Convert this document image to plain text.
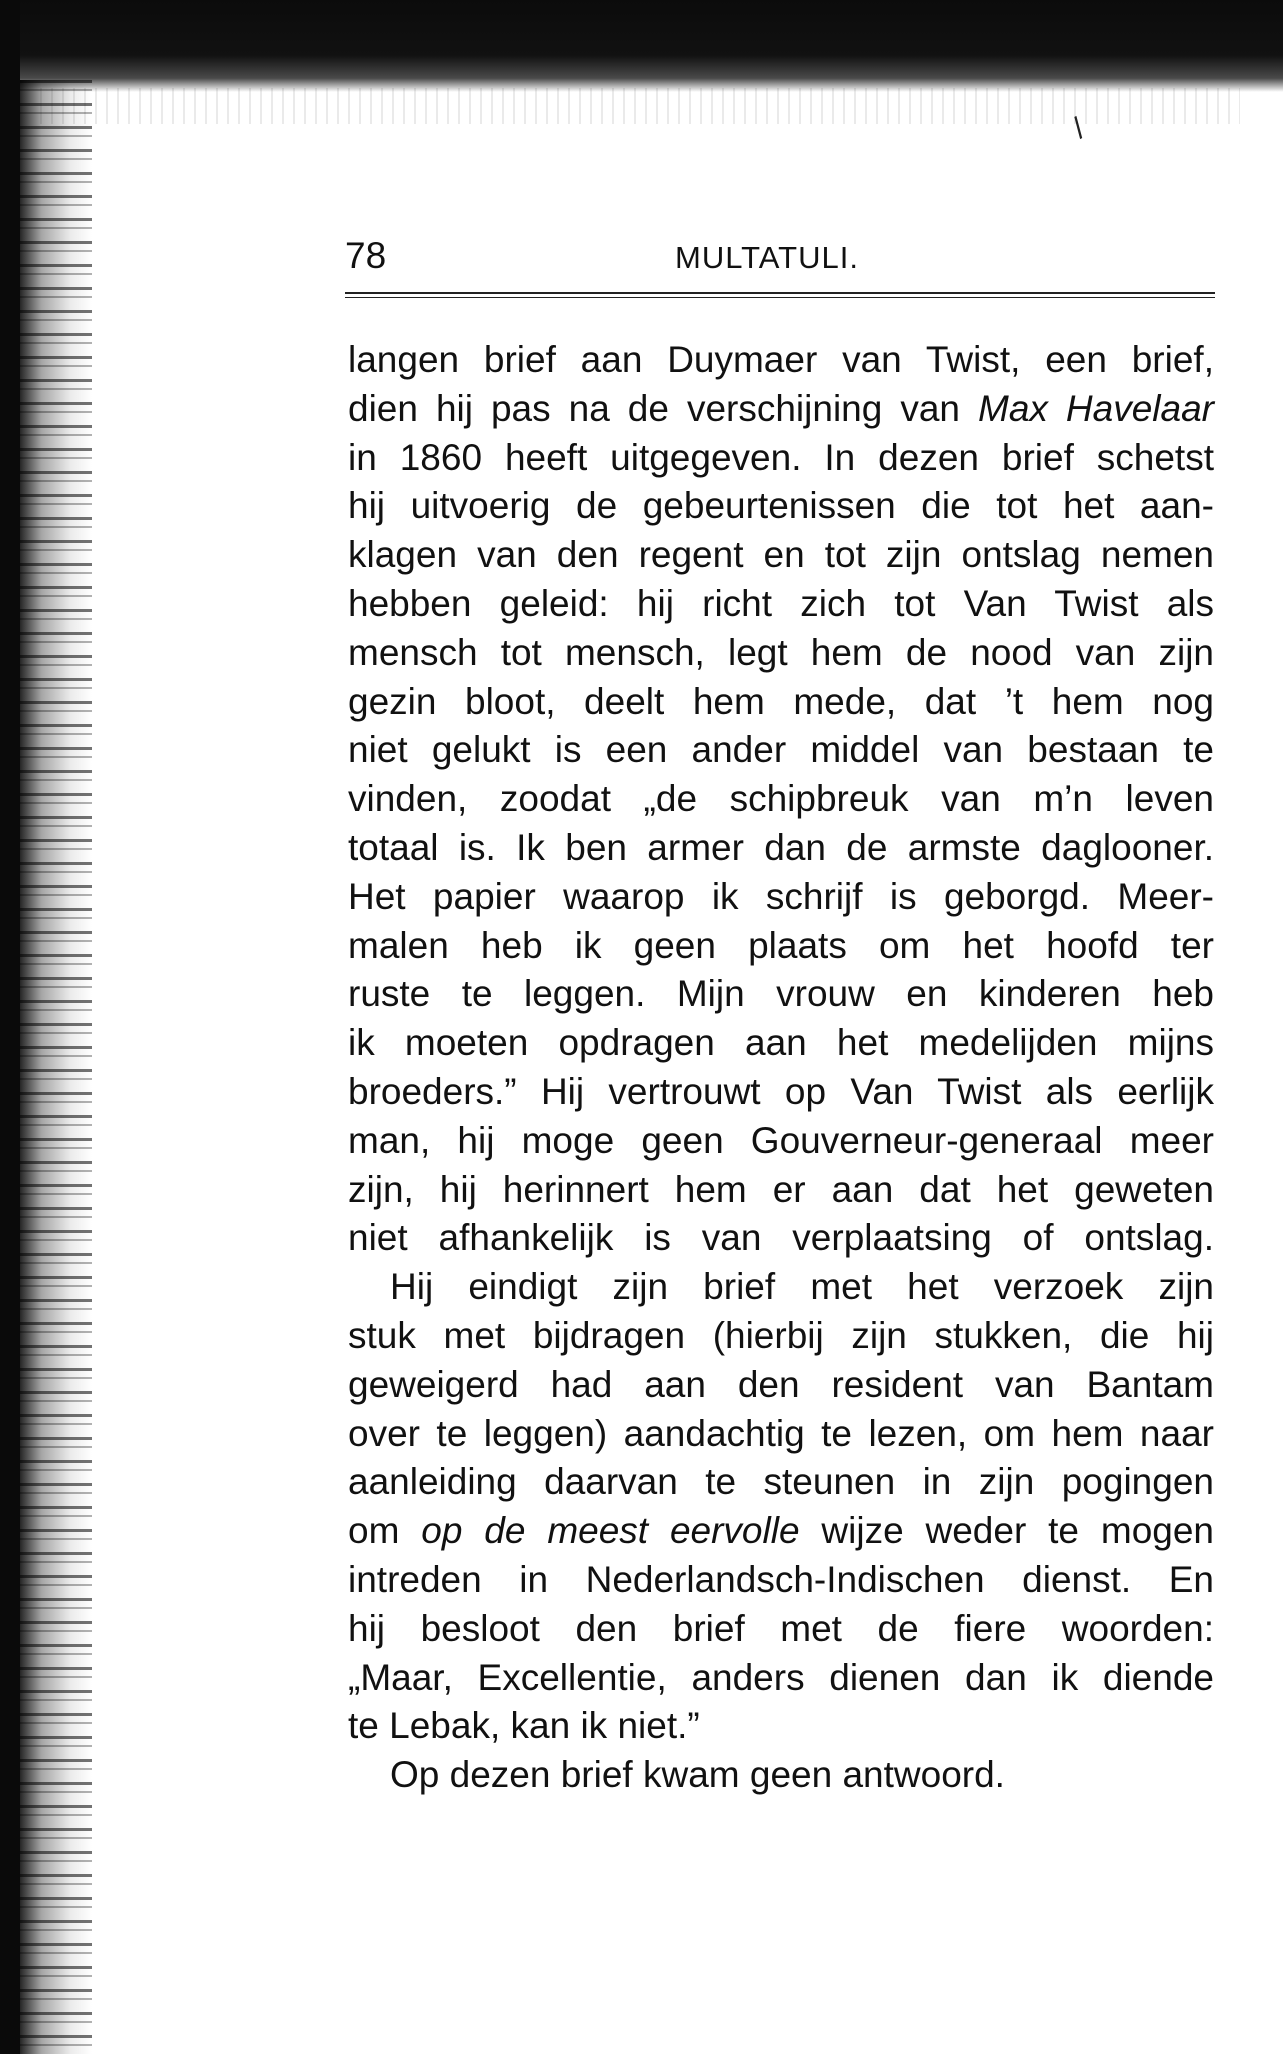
/
78	MULTATULI.
langen brief aan Duymaer van Twist, een brief,
dien hij pas na de verschijning van Max Havelaar
in 1860 heeft uitgegeven. In dezen brief schetst
hij uitvoerig de gebeurtenissen die tot het aan-
klagen van den regent en tot zijn ontslag nemen
hebben geleid: hij richt zich tot Van Twist als
mensch tot mensch, legt hem de nood van zijn
gezin bloot, deelt hem mede, dat ’t hem nog
niet gelukt is een ander middel van bestaan te
vinden, zoodat „de schipbreuk van m’n leven
totaal is. Ik ben armer dan de armste daglooner.
Het papier waarop ik schrijf is geborgd. Meer-
malen heb ik geen plaats om het hoofd ter
ruste te leggen. Mijn vrouw en kinderen heb
ik moeten opdragen aan het medelijden mijns
broeders.” Hij vertrouwt op Van Twist als eerlijk
man, hij moge geen Gouverneur-generaal meer
zijn, hij herinnert hem er aan dat het geweten
niet afhankelijk is van verplaatsing of ontslag.
Hij eindigt zijn brief met het verzoek zijn
stuk met bijdragen (hierbij zijn stukken, die hij
geweigerd had aan den resident van Bantam
over te leggen) aandachtig te lezen, om hem naar
aanleiding daarvan te steunen in zijn pogingen
om op de meest eervolle wijze weder te mogen
intreden in Nederlandsch-Indischen dienst. En
hij besloot den brief met de fiere woorden:
„Maar, Excellentie, anders dienen dan ik diende
te Lebak, kan ik niet.”
Op dezen brief kwam geen antwoord.
